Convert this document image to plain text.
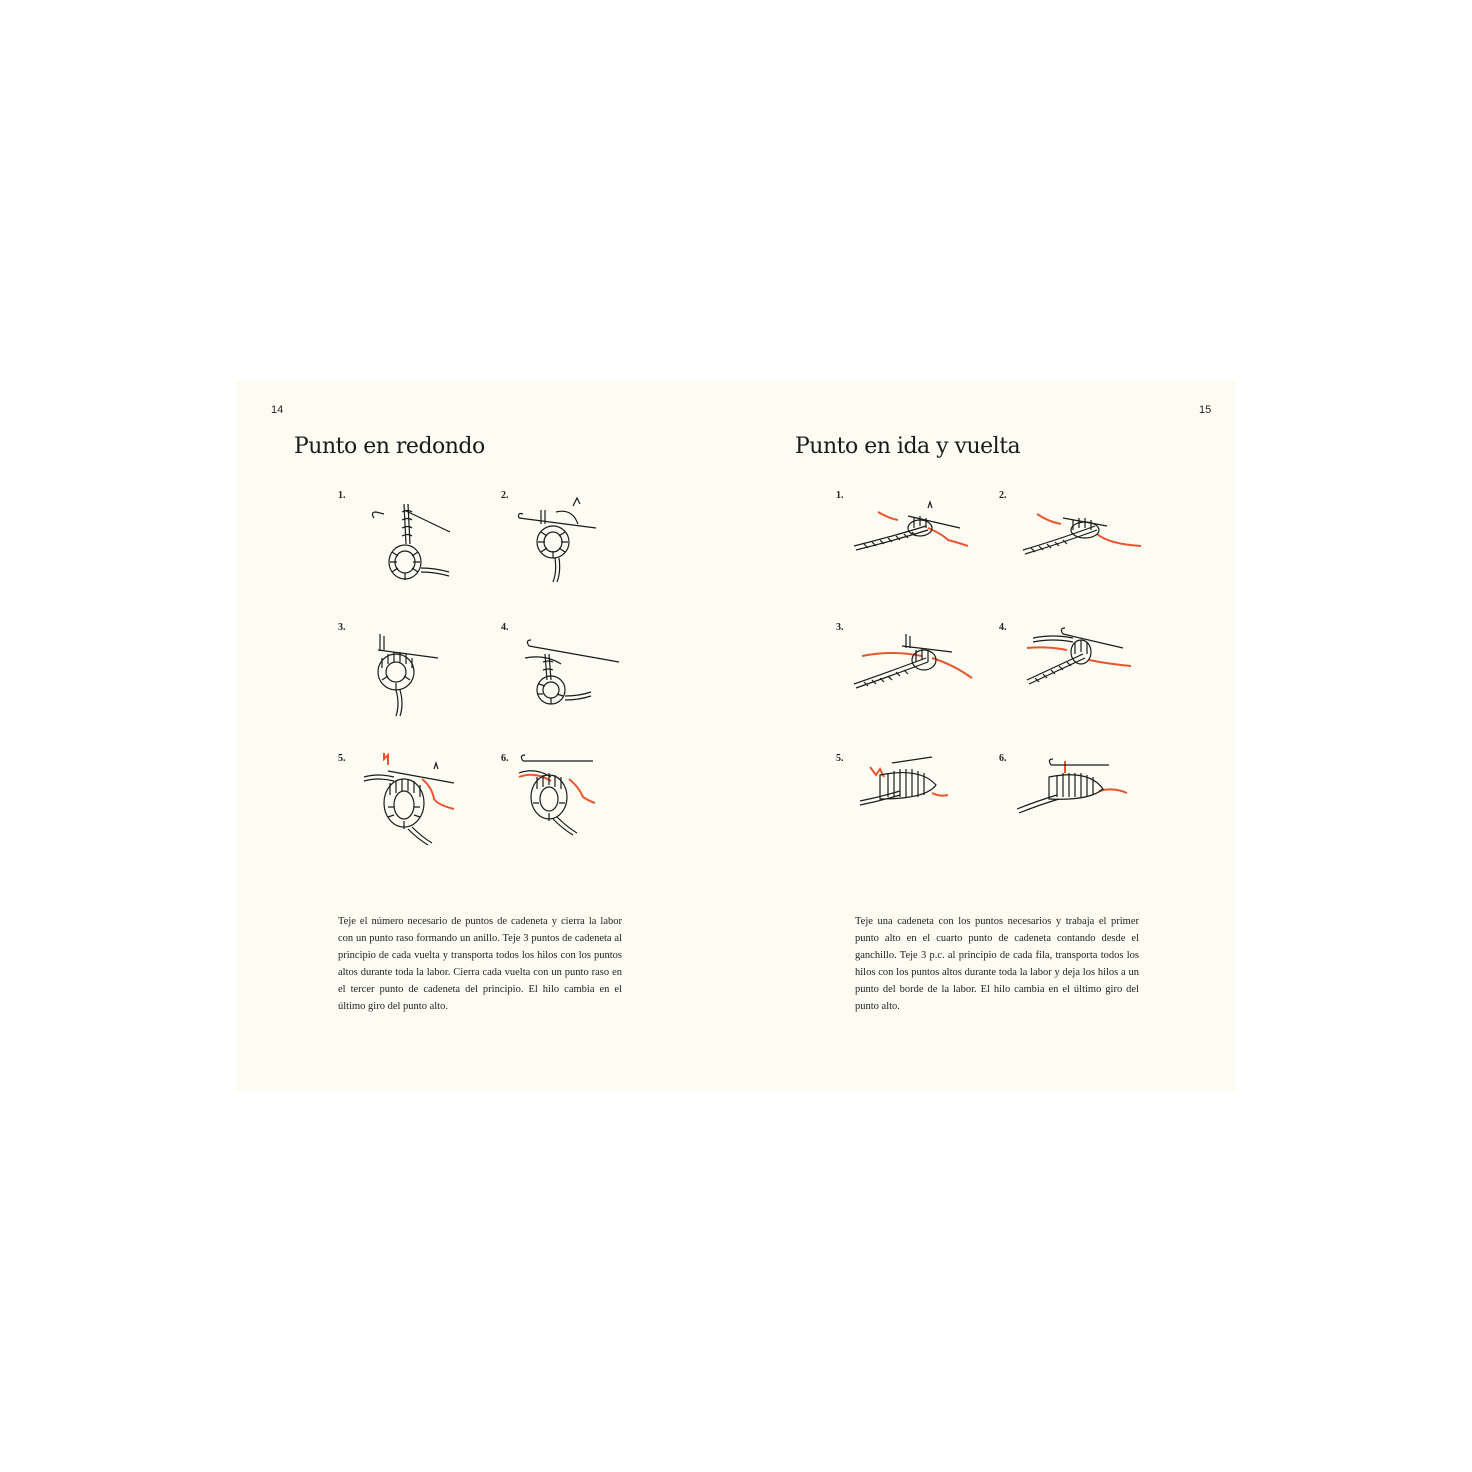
14
Punto en redondo
1.	2.
3.	4.
5.	6.

Teje el número necesario de puntos de cadeneta y cierra la labor con un punto raso formando un anillo. Teje 3 puntos de cadeneta al principio de cada vuelta y transporta todos los hilos con los puntos altos durante toda la labor. Cierra cada vuelta con un punto raso en el tercer punto de cadeneta del principio. El hilo cambia en el último giro del punto alto.

15
Punto en ida y vuelta
1.	2.
3.	4.
5.	6.

Teje una cadeneta con los puntos necesarios y trabaja el primer punto alto en el cuarto punto de cadeneta contando desde el ganchillo. Teje 3 p.c. al principio de cada fila, transporta todos los hilos con los puntos altos durante toda la labor y deja los hilos a un punto del borde de la labor. El hilo cambia en el último giro del punto alto.
